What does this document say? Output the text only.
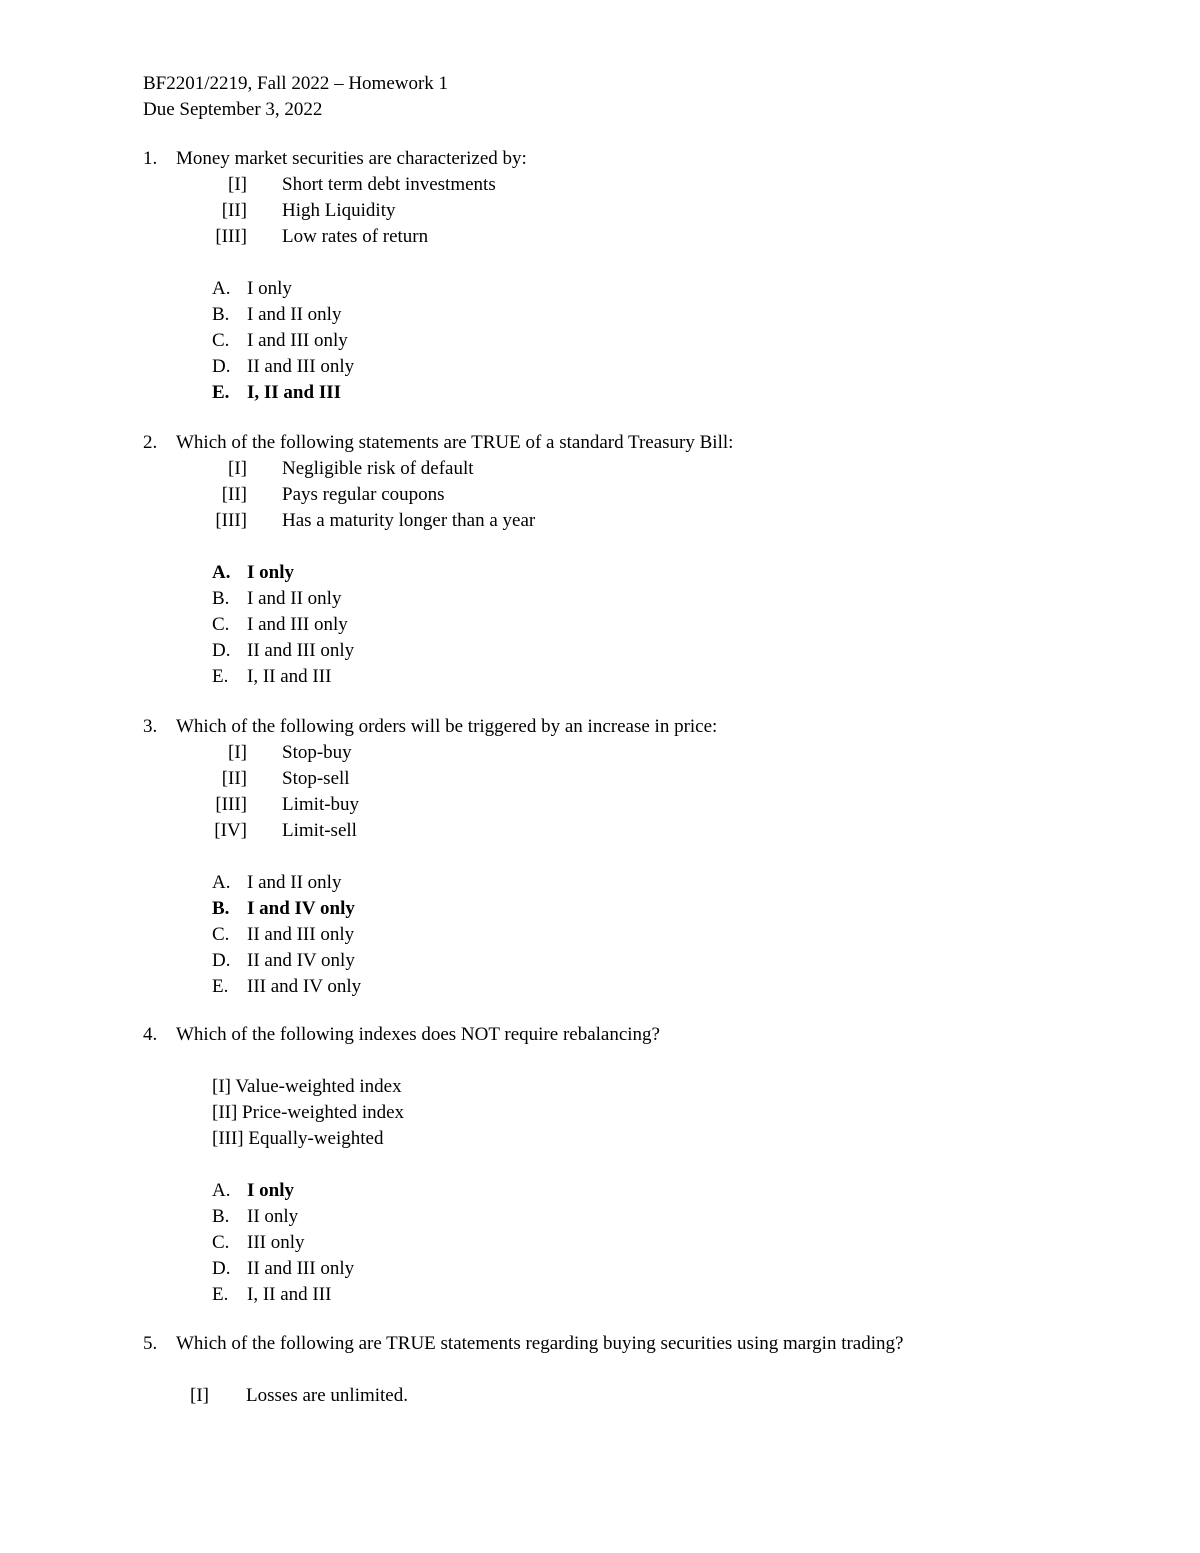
BF2201/2219, Fall 2022 – Homework 1
Due September 3, 2022
1. Money market securities are characterized by:
[I] Short term debt investments
[II] High Liquidity
[III] Low rates of return
A. I only
B. I and II only
C. I and III only
D. II and III only
E. I, II and III
2. Which of the following statements are TRUE of a standard Treasury Bill:
[I] Negligible risk of default
[II] Pays regular coupons
[III] Has a maturity longer than a year
A. I only
B. I and II only
C. I and III only
D. II and III only
E. I, II and III
3. Which of the following orders will be triggered by an increase in price:
[I] Stop-buy
[II] Stop-sell
[III] Limit-buy
[IV] Limit-sell
A. I and II only
B. I and IV only
C. II and III only
D. II and IV only
E. III and IV only
4. Which of the following indexes does NOT require rebalancing?
[I] Value-weighted index
[II] Price-weighted index
[III] Equally-weighted
A. I only
B. II only
C. III only
D. II and III only
E. I, II and III
5. Which of the following are TRUE statements regarding buying securities using margin trading?
[I] Losses are unlimited.
